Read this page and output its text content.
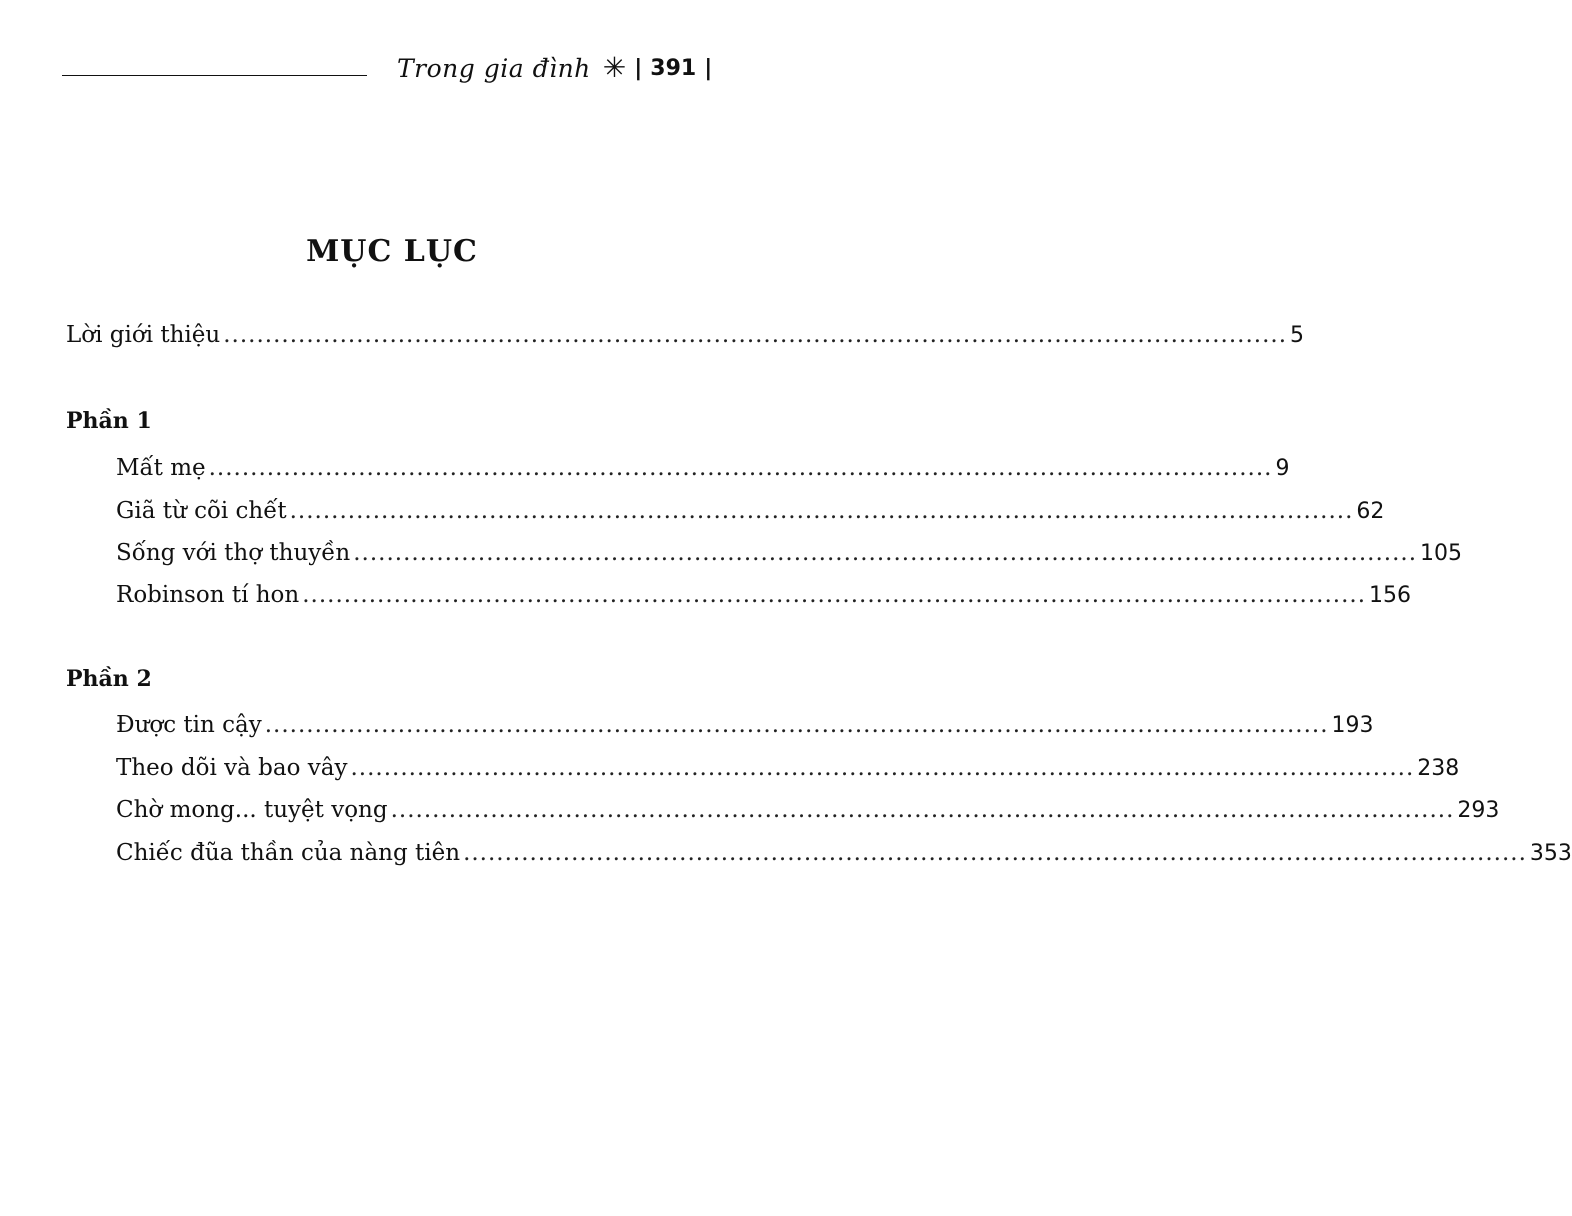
Trong gia đình ✳ | 391 |
MỤC LỤC
Lời giới thiệu ................................................................................................................................ 5
Phần 1
Mất mẹ ................................................................................................................................ 9
Giã từ cõi chết ................................................................................................................................ 62
Sống với thợ thuyền ................................................................................................................................ 105
Robinson tí hon ................................................................................................................................ 156
Phần 2
Được tin cậy ................................................................................................................................ 193
Theo dõi và bao vây ................................................................................................................................ 238
Chờ mong... tuyệt vọng ................................................................................................................................ 293
Chiếc đũa thần của nàng tiên ................................................................................................................................ 353
